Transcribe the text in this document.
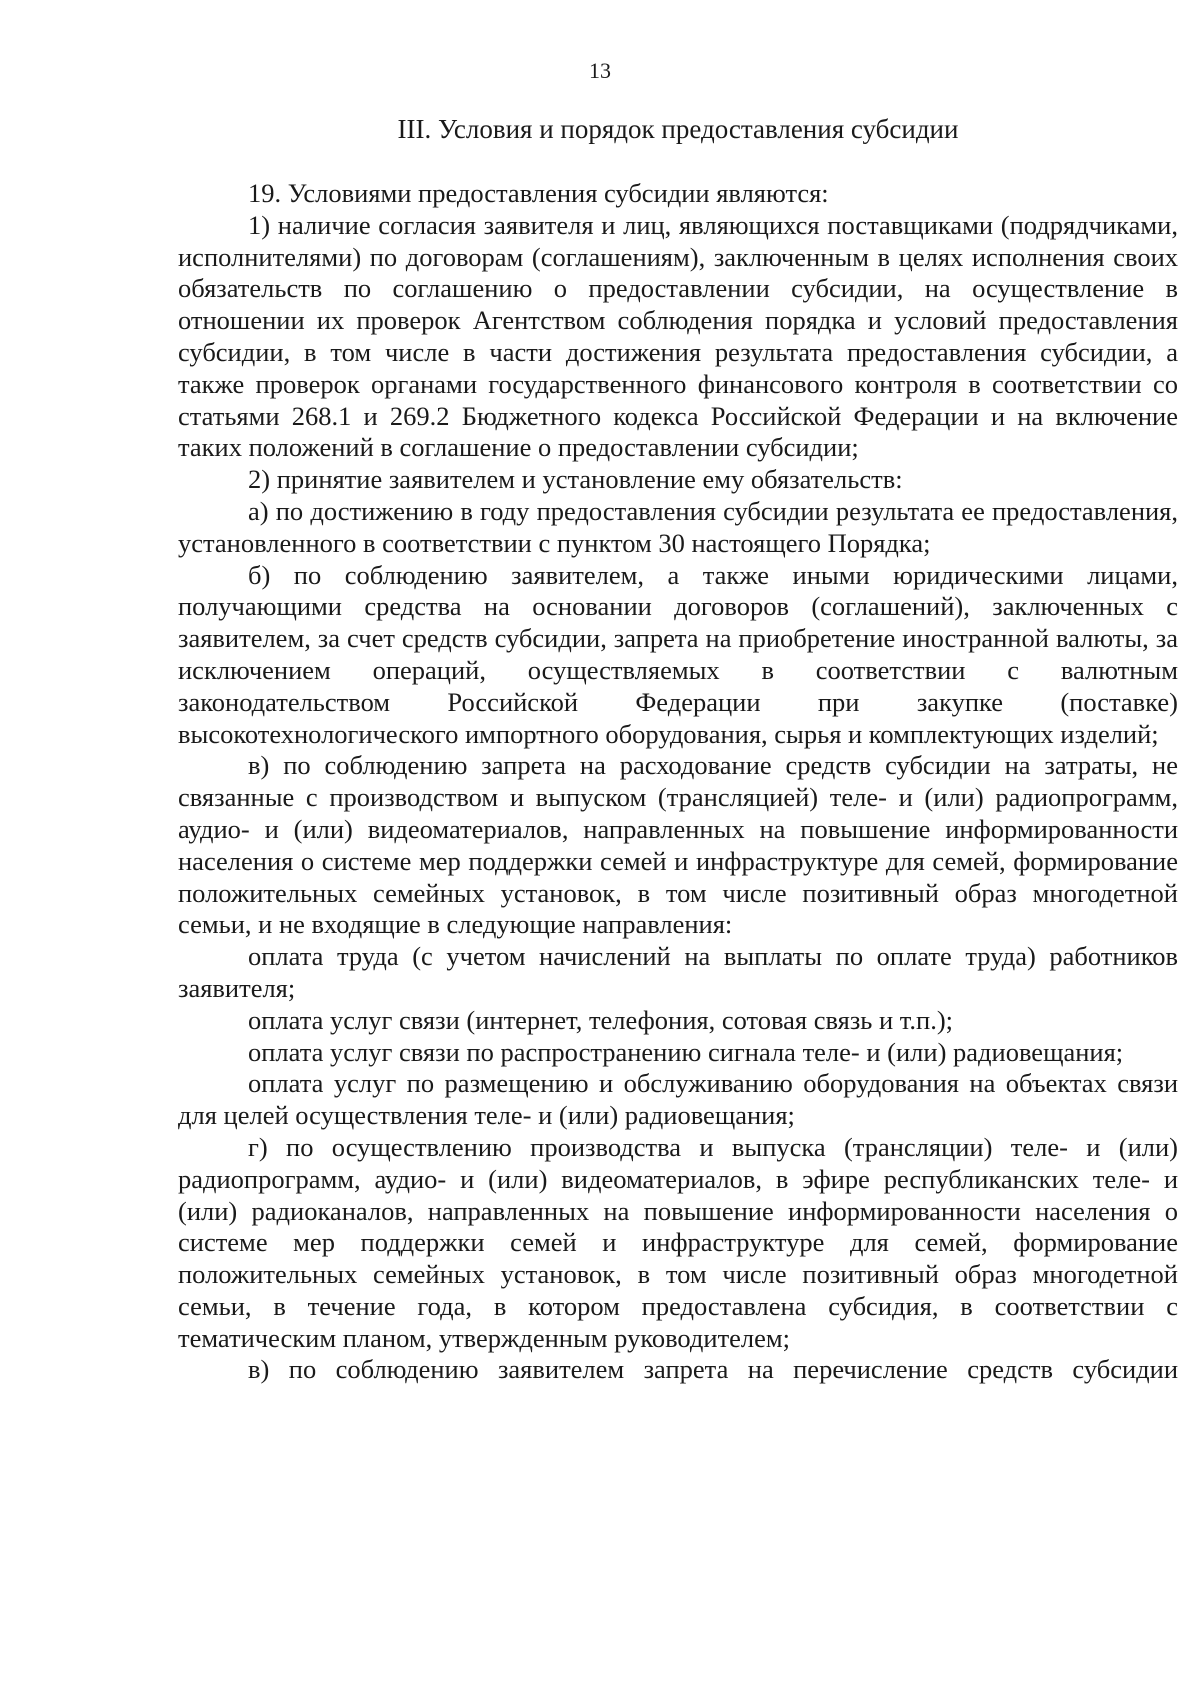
13
III. Условия и порядок предоставления субсидии

19. Условиями предоставления субсидии являются:

1) наличие согласия заявителя и лиц, являющихся поставщиками (подрядчиками, исполнителями) по договорам (соглашениям), заключенным в целях исполнения своих обязательств по соглашению о предоставлении субсидии, на осуществление в отношении их проверок Агентством соблюдения порядка и условий предоставления субсидии, в том числе в части достижения результата предоставления субсидии, а также проверок органами государственного финансового контроля в соответствии со статьями 268.1 и 269.2 Бюджетного кодекса Российской Федерации и на включение таких положений в соглашение о предоставлении субсидии;

2) принятие заявителем и установление ему обязательств:

а) по достижению в году предоставления субсидии результата ее предоставления, установленного в соответствии с пунктом 30 настоящего Порядка;

б) по соблюдению заявителем, а также иными юридическими лицами, получающими средства на основании договоров (соглашений), заключенных с заявителем, за счет средств субсидии, запрета на приобретение иностранной валюты, за исключением операций, осуществляемых в соответствии с валютным законодательством Российской Федерации при закупке (поставке) высокотехнологического импортного оборудования, сырья и комплектующих изделий;

в) по соблюдению запрета на расходование средств субсидии на затраты, не связанные с производством и выпуском (трансляцией) теле- и (или) радиопрограмм, аудио- и (или) видеоматериалов, направленных на повышение информированности населения о системе мер поддержки семей и инфраструктуре для семей, формирование положительных семейных установок, в том числе позитивный образ многодетной семьи, и не входящие в следующие направления:

оплата труда (с учетом начислений на выплаты по оплате труда) работников заявителя;

оплата услуг связи (интернет, телефония, сотовая связь и т.п.);

оплата услуг связи по распространению сигнала теле- и (или) радиовещания;

оплата услуг по размещению и обслуживанию оборудования на объектах связи для целей осуществления теле- и (или) радиовещания;

г) по осуществлению производства и выпуска (трансляции) теле- и (или) радиопрограмм, аудио- и (или) видеоматериалов, в эфире республиканских теле- и (или) радиоканалов, направленных на повышение информированности населения о системе мер поддержки семей и инфраструктуре для семей, формирование положительных семейных установок, в том числе позитивный образ многодетной семьи, в течение года, в котором предоставлена субсидия, в соответствии с тематическим планом, утвержденным руководителем;

в) по соблюдению заявителем запрета на перечисление средств субсидии
